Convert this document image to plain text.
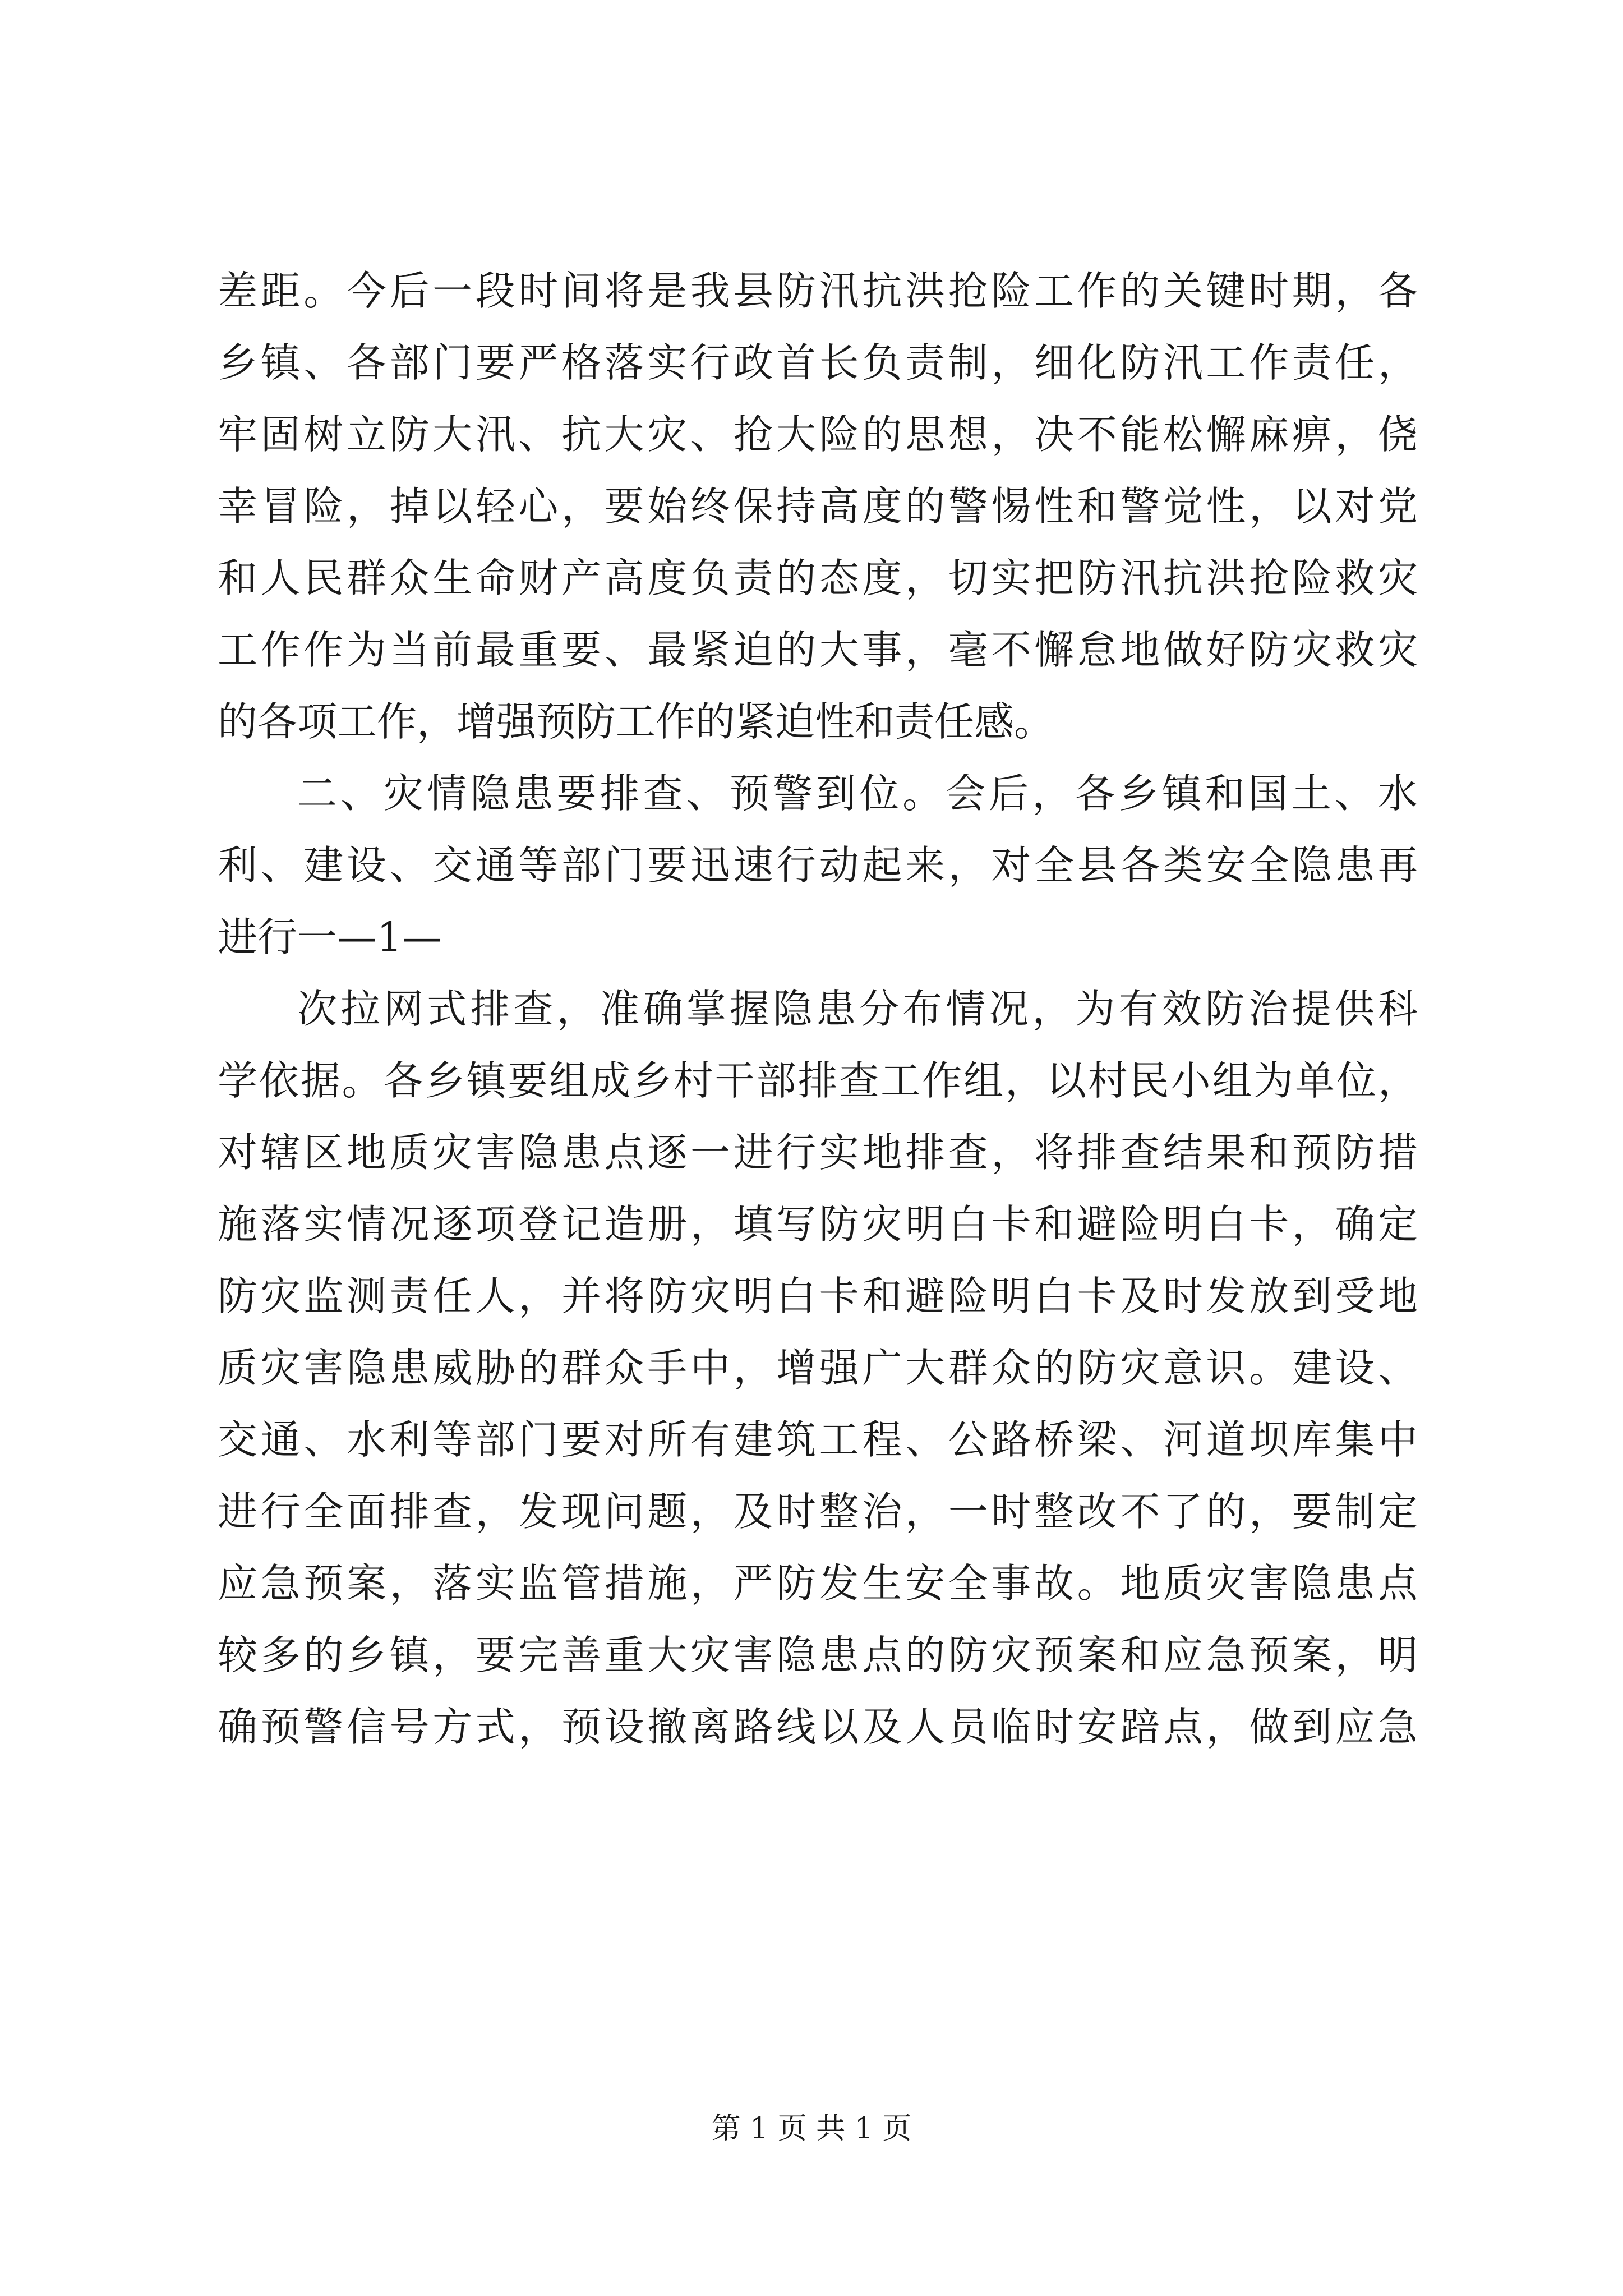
差距。今后一段时间将是我县防汛抗洪抢险工作的关键时期，各
乡镇、各部门要严格落实行政首长负责制，细化防汛工作责任，
牢固树立防大汛、抗大灾、抢大险的思想，决不能松懈麻痹，侥
幸冒险，掉以轻心，要始终保持高度的警惕性和警觉性，以对党
和人民群众生命财产高度负责的态度，切实把防汛抗洪抢险救灾
工作作为当前最重要、最紧迫的大事，毫不懈怠地做好防灾救灾
的各项工作，增强预防工作的紧迫性和责任感。
二、灾情隐患要排查、预警到位。会后，各乡镇和国土、水
利、建设、交通等部门要迅速行动起来，对全县各类安全隐患再
进行一—1—
次拉网式排查，准确掌握隐患分布情况，为有效防治提供科
学依据。各乡镇要组成乡村干部排查工作组，以村民小组为单位，
对辖区地质灾害隐患点逐一进行实地排查，将排查结果和预防措
施落实情况逐项登记造册，填写防灾明白卡和避险明白卡，确定
防灾监测责任人，并将防灾明白卡和避险明白卡及时发放到受地
质灾害隐患威胁的群众手中，增强广大群众的防灾意识。建设、
交通、水利等部门要对所有建筑工程、公路桥梁、河道坝库集中
进行全面排查，发现问题，及时整治，一时整改不了的，要制定
应急预案，落实监管措施，严防发生安全事故。地质灾害隐患点
较多的乡镇，要完善重大灾害隐患点的防灾预案和应急预案，明
确预警信号方式，预设撤离路线以及人员临时安踣点，做到应急
第 1 页 共 1 页
